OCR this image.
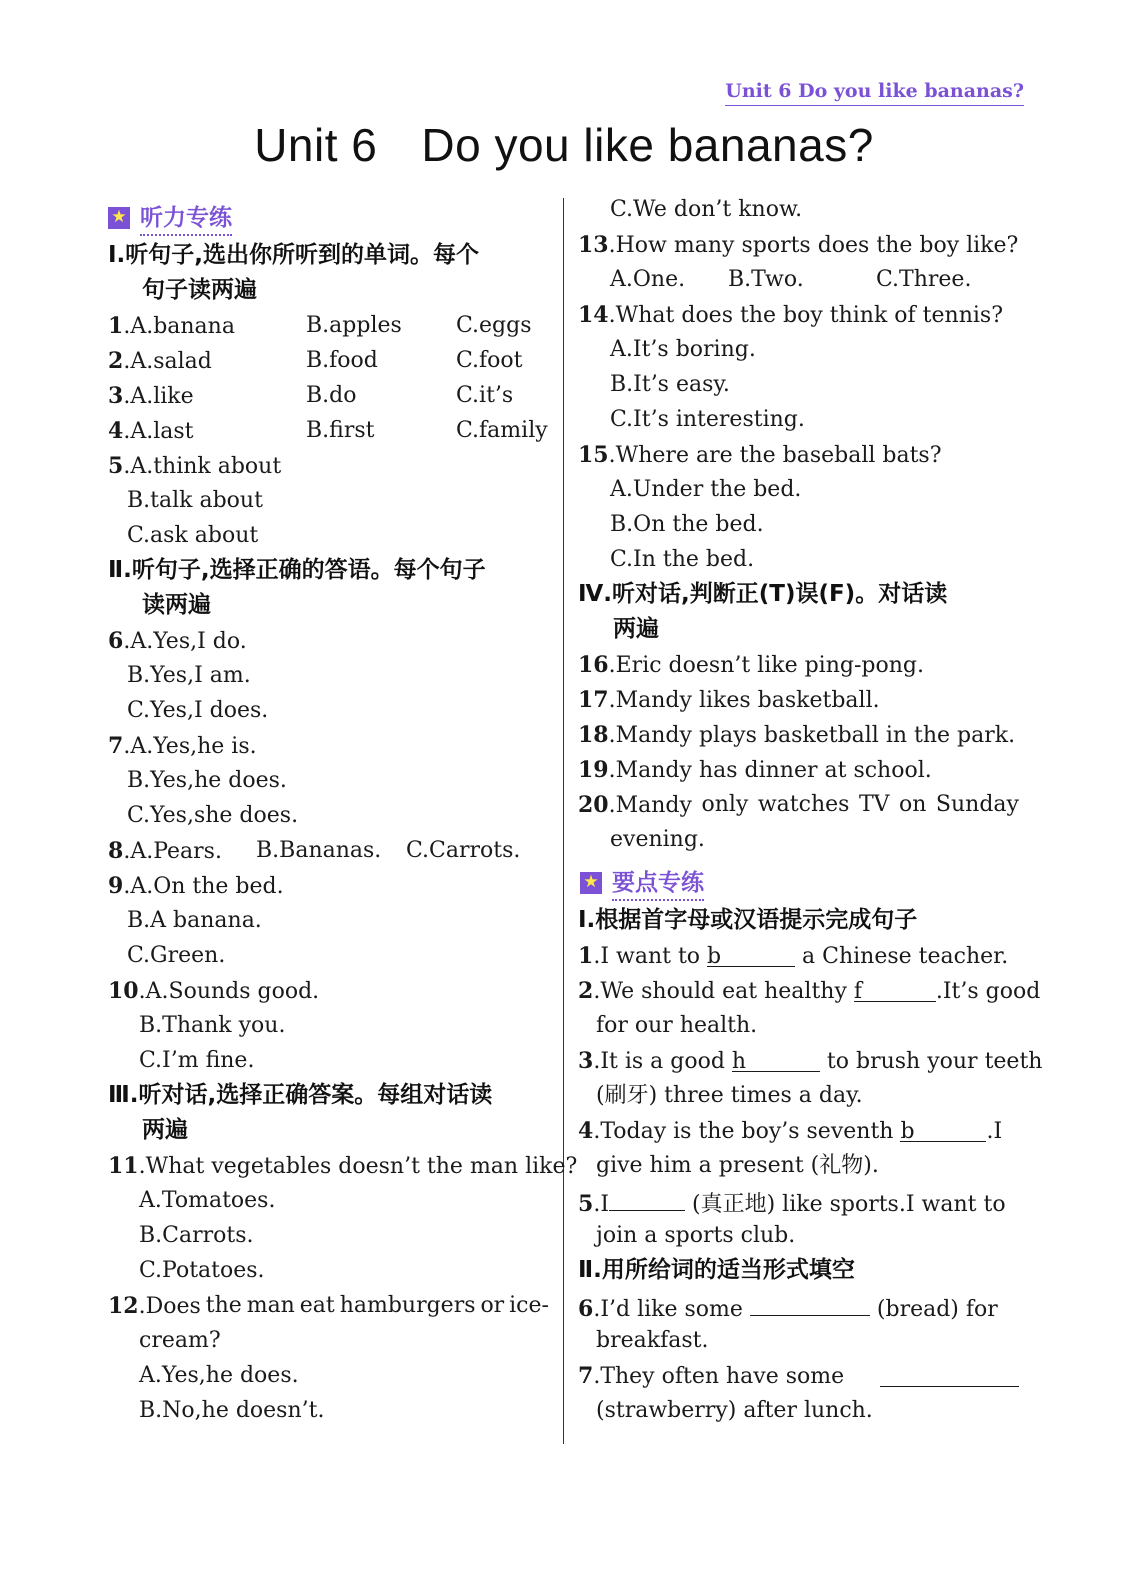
Unit 6 Do you like bananas?
Unit 6 Do you like bananas?
★ 听力专练
Ⅰ.听句子,选出你所听到的单词。每个
句子读两遍
1.A.banana	B.apples C.eggs
2.A.salad	B.food	C.foot
3.A.like	B.do	C.it’s
4.A.last	B.first	C.family
5.A.think about
B.talk about
C.ask about
Ⅱ.听句子,选择正确的答语。每个句子
读两遍
6.A.Yes,I do.
B.Yes,I am.
C.Yes,I does.
7.A.Yes,he is.
B.Yes,he does.
C.Yes,she does.
8.A.Pears. B.Bananas. C.Carrots.
9.A.On the bed.
B.A banana.
C.Green.
10.A.Sounds good.
B.Thank you.
C.I’m fine.
Ⅲ.听对话,选择正确答案。每组对话读
两遍
11.What vegetables doesn’t the man like?
A.Tomatoes.
B.Carrots.
C.Potatoes.
12.Does the man eat hamburgers or ice-
cream?
A.Yes,he does.
B.No,he doesn’t.
C.We don’t know.
13.How many sports does the boy like?
A.One. B.Two.	C.Three.
14.What does the boy think of tennis?
A.It’s boring.
B.It’s easy.
C.It’s interesting.
15.Where are the baseball bats?
A.Under the bed.
B.On the bed.
C.In the bed.
Ⅳ.听对话,判断正(T)误(F)。对话读
两遍
16.Eric doesn’t like ping-pong.
17.Mandy likes basketball.
18.Mandy plays basketball in the park.
19.Mandy has dinner at school.
20.Mandy only watches TV on Sunday
evening.
★ 要点专练
Ⅰ.根据首字母或汉语提示完成句子
1.I want to b	a Chinese teacher.
2.We should eat healthy f	.It’s good
for our health.
3.It is a good h	to brush your teeth
(刷牙) three times a day.
4.Today is the boy’s seventh b	.I
give him a present (礼物).
5.I	(真正地) like sports.I want to
join a sports club.
Ⅱ.用所给词的适当形式填空
6.I’d like some	(bread) for
breakfast.
7.They often have some
(strawberry) after lunch.
